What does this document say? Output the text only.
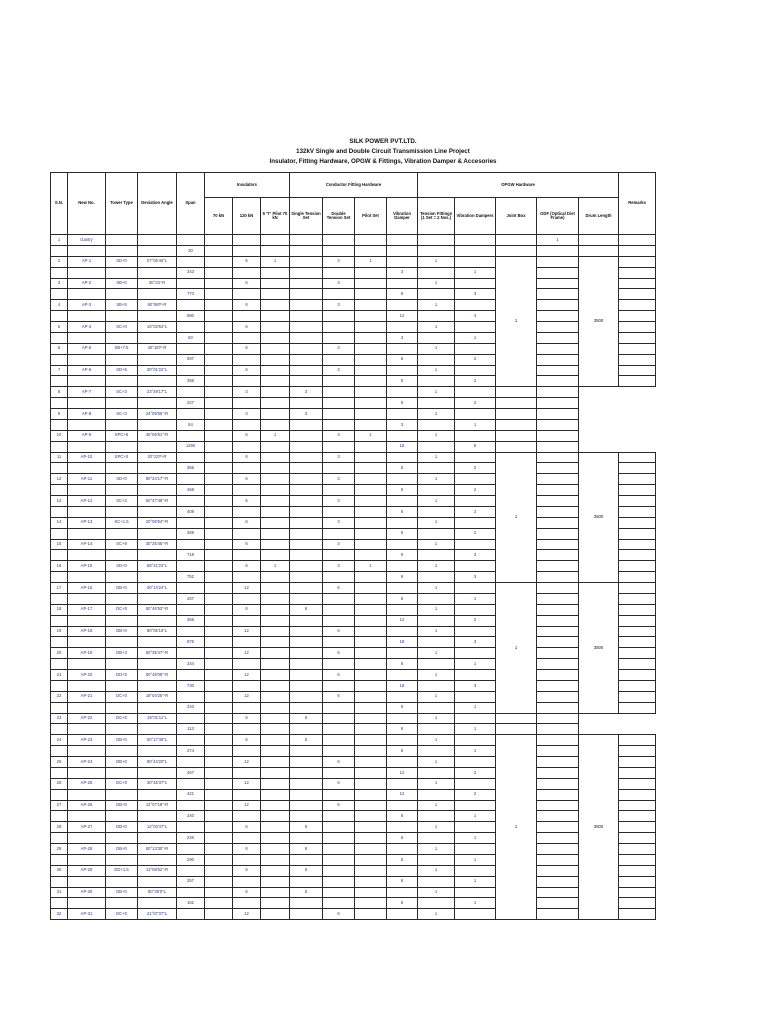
SILK POWER PVT.LTD.
132kV Single and Double Circuit Transmission Line Project
Insulator, Fitting Hardware, OPGW & Fittings, Vibration Damper & Accesories
S.N.	New No.	Tower Type	Deviation Angle	Span	Insulators			Conductor Fitting Hardware				OPGW Hardware					Remarks
					70 kN	120 kN	5 "I" Pilot 70 kN	Single Tension Set	Double Tension Set	Pilot Set	Vibration Damper	Tension Fittings (1 Set = 2 Nos.)	Vibration Dampers	Joint Box	ODF (Optical Dist Frame)	Drum Length	
1	Gantry														1		
				30													
2	AP-1	SD+0	07°05'46"L			6	1		3	1		1		1		3500	
				343							3		1				
3	AP-2	SB+0	30°23'-R			6			3			1					
				773							9		3				
4	AP-3	SB+9	60°59'F-R			6			3			1					
				980							12		4				
5	AP-4	SC+0	16°03'54"L			6						1					
				60							3		1				
6	AP-5	SB+7.5	40°15'F-R			6			3			1					
				597							6		2				
7	AP-6	SD+6	30°01'22"L			6			3			1					
				356							6		2				
8	AP-7	SC+3	23°49'17"L			3		3				1					
				227							6		2				
9	AP-8	SC+3	24°09'55"-R			3		3				1					
				54							3		1				
10	AP-9	SPC+6	45°06'51"-R			6	1		3	1		1					
				1290							15		5				
11	AP-10	SPC+0	20°23'F-R			6			3			1		1		3500	
				365							6		2				
12	AP-11	SD+0	80°24'17"-R			6			3			1					
				468							6		2				
13	AP-12	SC+3	50°47'46"-R			6			3			1					
				409							6		2				
14	AP-13	SC+1.5	20°06'54"-R			6			3			1					
				369							6		2				
15	AP-14	SC+9	30°25'45"-R			6			3			1					
				718							9		3				
16	AP-15	SD+0	58°41'23"L			6	1		3	1		1					
				752							9		3				
17	AP-16	DB+0	30°14'24"L			12			6			1		1		3500	
				267							6		1				
18	AP-17	DC+0	50°46'53"-R			6		6				1					
				366							12		2				
19	AP-18	DB+0	80°05'16"L			12			6			1					
				875							18		3				
20	AP-19	DB+3	60°35'47"-R			12			6			1					
				244							6		1				
21	AP-20	DD+0	00°48'08"-R			12			6			1					
				730							18		3				
22	AP-21	DC+0	19°04'25"-R			12			6			1					
				243							6		1				
23	AP-22	DC+0	19°01'11"L			6		6				1					
				113							6		1				
24	AP-23	DB+0	00°17'49"L			6		6				1		1		3500	
				274							6		1				
25	AP-24	DB+0	90°44'20"L			12			6			1					
				467							12		2				
26	AP-25	DC+0	30°45'37"L			12			6			1					
				421							12		2				
27	AP-26	DB+0	12°07'18"-R			12			6			1					
				240							6		1				
28	AP-27	DB+0	12°03'47"L			6		6				1					
				226							6		1				
29	AP-28	DB+0	50°13'30"-R			6		6				1					
				290							6		1				
30	AP-29	DD+1.5	13°08'52"-R			6		6				1					
				257							6		1				
31	AP-30	DB+0	80°35'0"L			6		6				1					
				161							6		1				
32	AP-31	DC+0	21°07'37"L			12			6			1					
